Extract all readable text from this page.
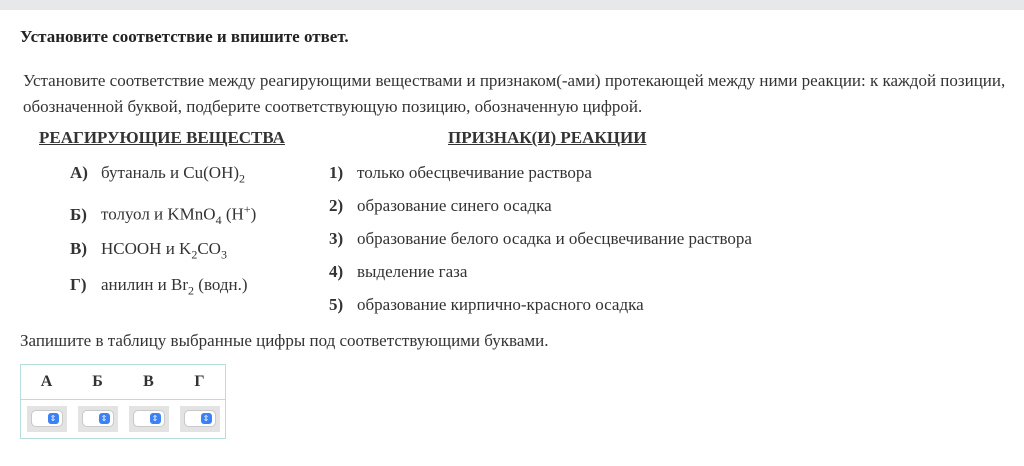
Установите соответствие и впишите ответ.
Установите соответствие между реагирующими веществами и признаком(-ами) протекающей между ними реакции: к каждой позиции, обозначенной буквой, подберите соответствующую позицию, обозначенную цифрой.
РЕАГИРУЮЩИЕ ВЕЩЕСТВА	ПРИЗНАК(И) РЕАКЦИИ
А) бутаналь и $Cu(OH)_2$
Б) толуол и KMnO$_4$ (H+)
В) HCOOH и $K_2CO_3$
Г) анилин и $Br_2$ (водн.)
1) только обесцвечивание раствора
2) образование синего осадка
3) образование белого осадка и обесцвечивание раствора
4) выделение газа
5) образование кирпично-красного осадка
Запишите в таблицу выбранные цифры под соответствующими буквами.
А	Б	В	Г

⇕	⇕	⇕	⇕
